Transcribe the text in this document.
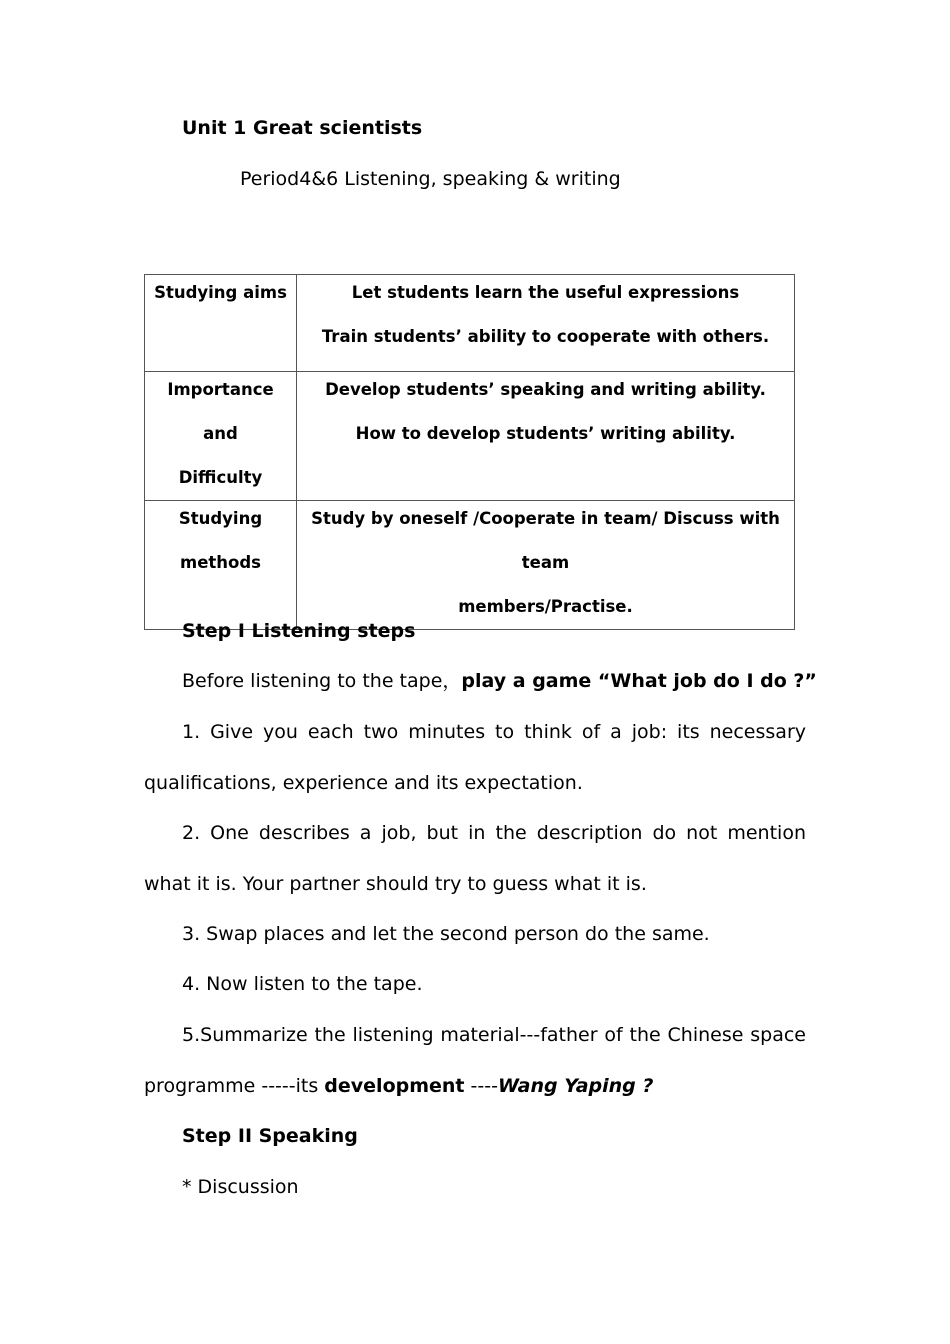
Unit 1 Great scientists
Period4&6 Listening, speaking & writing
Studying aims	Let students learn the useful expressions
Train students’ ability to cooperate with others.

Importance and
Difficulty	Develop students’ speaking and writing ability.
How to develop students’ writing ability.

Studying
methods	Study by oneself /Cooperate in team/ Discuss with team
members/Practise.
Step I Listening steps
Before listening to the tape，play a game “What job do I do ?”
1. Give you each two minutes to think of a job: its necessary qualifications, experience and its expectation.
2. One describes a job, but in the description do not mention what it is. Your partner should try to guess what it is.
3. Swap places and let the second person do the same.
4. Now listen to the tape.
5.Summarize the listening material---father of the Chinese space programme -----its development ----Wang Yaping ?
Step II Speaking
* Discussion
